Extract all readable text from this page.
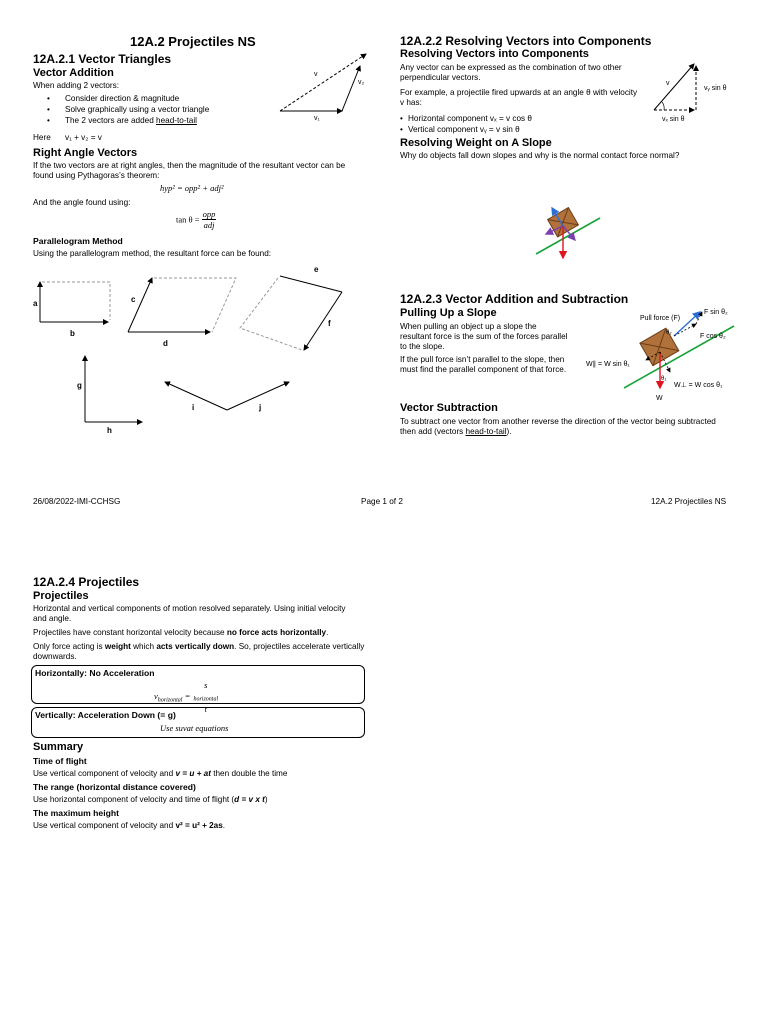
12A.2 Projectiles NS
12A.2.1 Vector Triangles
Vector Addition
When adding 2 vectors:
• Consider direction & magnitude
• Solve graphically using a vector triangle
• The 2 vectors are added head-to-tail
Here v₁ + v₂ = v
v
v₁
v₂
Right Angle Vectors
If the two vectors are at right angles, then the magnitude of the resultant vector can be found using Pythagoras’s theorem:
hyp² = opp² + adj²
And the angle found using:
$\tan \theta = \frac{\text{opp}}{\text{adj}}$
Parallelogram Method
Using the parallelogram method, the resultant force can be found:
a
b
c
d
e
f
g
h
i	j
12A.2.2 Resolving Vectors into Components
Resolving Vectors into Components
Any vector can be expressed as the combination of two other perpendicular vectors.
For example, a projectile fired upwards at an angle θ with velocity v has:
• Horizontal component vₓ = v cos θ
• Vertical component vᵧ = v sin θ
v
vᵧ sin θ
vₓ sin θ
Resolving Weight on A Slope
Why do objects fall down slopes and why is the normal contact force normal?
12A.2.3 Vector Addition and Subtraction
Pulling Up a Slope
When pulling an object up a slope the resultant force is the sum of the forces parallel to the slope.
If the pull force isn’t parallel to the slope, then must find the parallel component of that force.
Pull force (F)
F sin θ₂
F cos θ₂
θ₂
θ₁
W∥ = W sin θ₁
W⊥ = W cos θ₁
W
Vector Subtraction
To subtract one vector from another reverse the direction of the vector being subtracted then add (vectors head-to-tail).
26/08/2022-IMI-CCHSG	Page 1 of 2	12A.2 Projectiles NS
12A.2.4 Projectiles
Projectiles
Horizontal and vertical components of motion resolved separately. Using initial velocity and angle.
Projectiles have constant horizontal velocity because no force acts horizontally.
Only force acting is weight which acts vertically down. So, projectiles accelerate vertically downwards.
Horizontally: No Acceleration
$v_{horizontal} = s$
$_{horizontal}$
t
Vertically: Acceleration Down (= g)
Use suvat equations
Summary
Time of flight
Use vertical component of velocity and v = u + at then double the time
The range (horizontal distance covered)
Use horizontal component of velocity and time of flight (d = v x t)
The maximum height
Use vertical component of velocity and v² = u² + 2as.
